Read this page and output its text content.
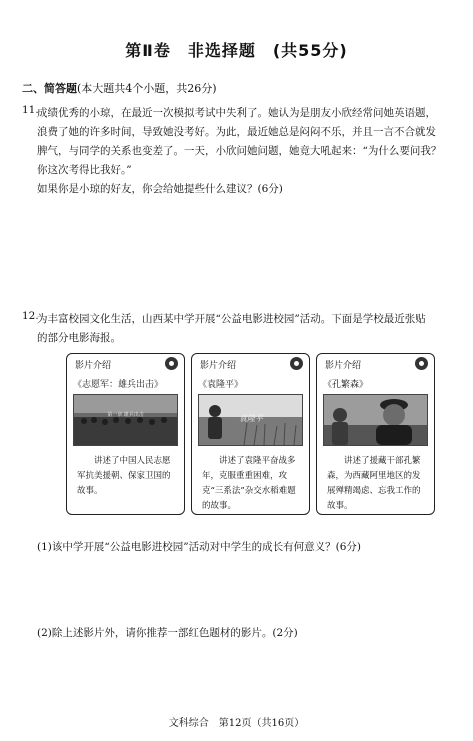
第Ⅱ卷　非选择题　(共55分)
二、简答题(本大题共4个小题，共26分)
11.
成绩优秀的小琼，在最近一次模拟考试中失利了。她认为是朋友小欣经常问她英语题，
浪费了她的许多时间，导致她没考好。为此，最近她总是闷闷不乐，并且一言不合就发
脾气，与同学的关系也变差了。一天，小欣问她问题，她竟大吼起来：“为什么要问我？
你这次考得比我好。”
如果你是小琼的好友，你会给她提些什么建议？(6分)
12.
为丰富校园文化生活，山西某中学开展“公益电影进校园”活动。下面是学校最近张贴
的部分电影海报。
影片介绍
《志愿军：雄兵出击》
第一章 雄兵出击
讲述了中国人民志愿军抗美援朝、保家卫国的故事。
影片介绍
《袁隆平》
袁隆平
讲述了袁隆平奋战多年，克服重重困难，攻克“三系法”杂交水稻难题的故事。
影片介绍
《孔繁森》
讲述了援藏干部孔繁森，为西藏阿里地区的发展殚精竭虑、忘我工作的故事。
(1)该中学开展“公益电影进校园”活动对中学生的成长有何意义？(6分)
(2)除上述影片外，请你推荐一部红色题材的影片。(2分)
文科综合　第12页（共16页）
